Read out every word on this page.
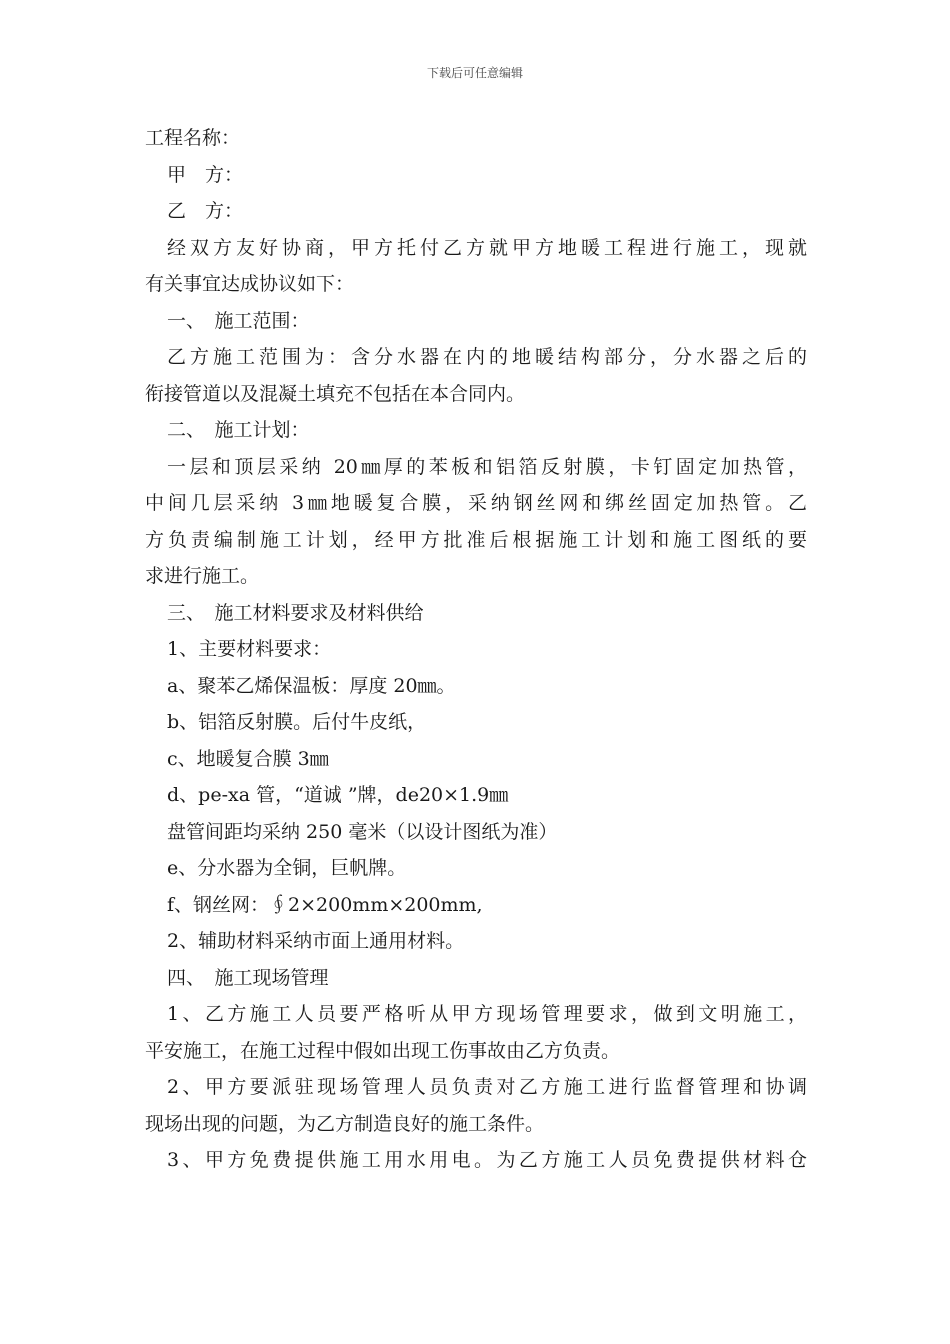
下载后可任意编辑
工程名称：
甲　方：
乙　方：
经双方友好协商，甲方托付乙方就甲方地暖工程进行施工，现就
有关事宜达成协议如下：
一、　施工范围：
乙方施工范围为：含分水器在内的地暖结构部分，分水器之后的
衔接管道以及混凝土填充不包括在本合同内。
二、　施工计划：
一层和顶层采纳 20㎜厚的苯板和铝箔反射膜，卡钉固定加热管，
中间几层采纳 3㎜地暖复合膜，采纳钢丝网和绑丝固定加热管。乙
方负责编制施工计划，经甲方批准后根据施工计划和施工图纸的要
求进行施工。
三、　施工材料要求及材料供给
1、主要材料要求：
a、聚苯乙烯保温板：厚度 20㎜。
b、铝箔反射膜。后付牛皮纸，
c、地暖复合膜 3㎜
d、pe-xa 管，“道诚 ”牌，de20×1.9㎜
盘管间距均采纳 250 毫米（以设计图纸为准）
e、分水器为全铜，巨帆牌。
f、钢丝网：∮2×200mm×200mm,
2、辅助材料采纳市面上通用材料。
四、　施工现场管理
1、乙方施工人员要严格听从甲方现场管理要求，做到文明施工，
平安施工，在施工过程中假如出现工伤事故由乙方负责。
2、甲方要派驻现场管理人员负责对乙方施工进行监督管理和协调
现场出现的问题，为乙方制造良好的施工条件。
3、甲方免费提供施工用水用电。为乙方施工人员免费提供材料仓
